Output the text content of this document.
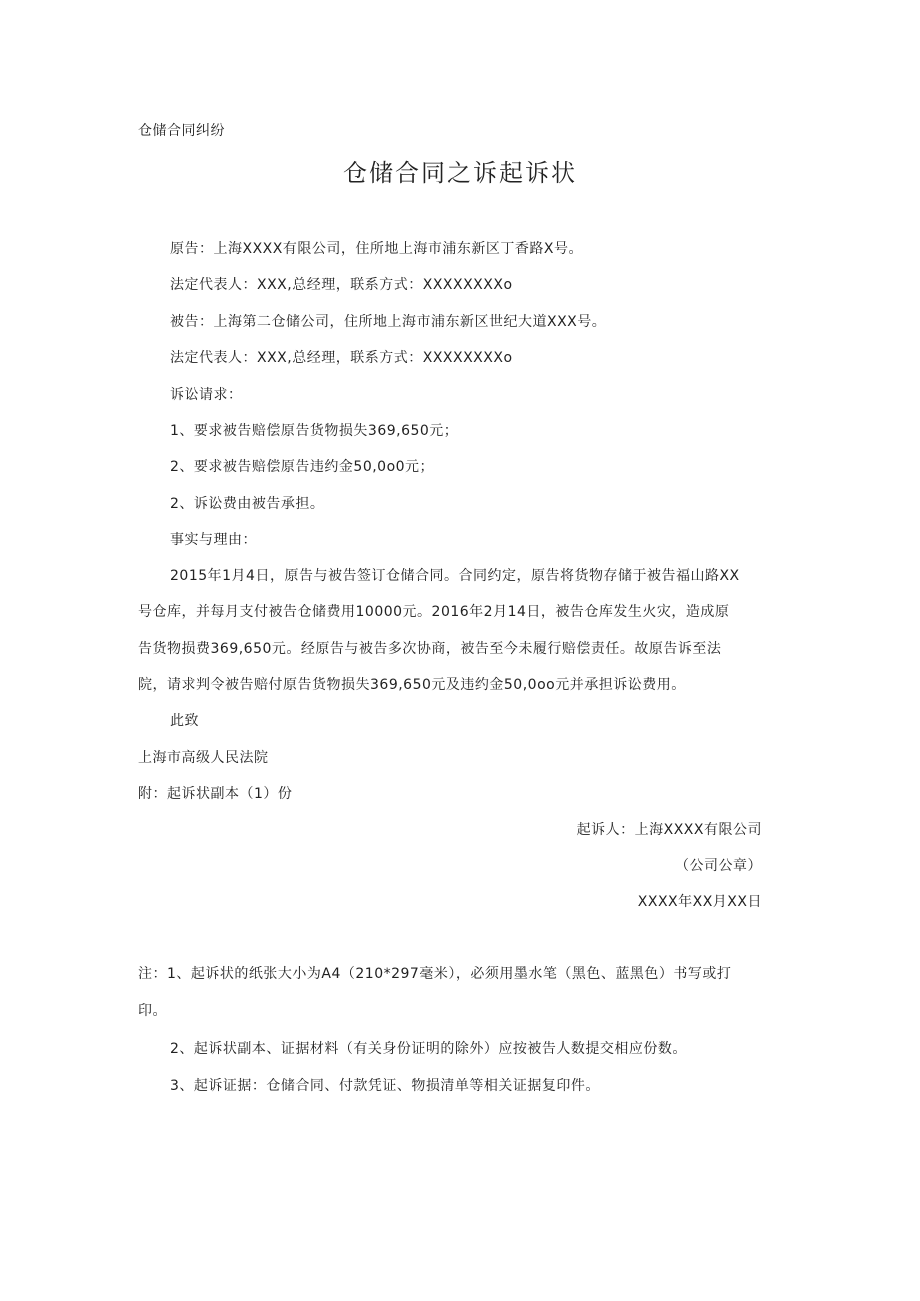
仓储合同纠纷
仓储合同之诉起诉状
原告：上海XXXX有限公司，住所地上海市浦东新区丁香路X号。
法定代表人：XXX,总经理，联系方式：XXXXXXXXo
被告：上海第二仓储公司，住所地上海市浦东新区世纪大道XXX号。
法定代表人：XXX,总经理，联系方式：XXXXXXXXo
诉讼请求：
1、要求被告赔偿原告货物损失369,650元；
2、要求被告赔偿原告违约金50,0o0元；
2、诉讼费由被告承担。
事实与理由：
2015年1月4日，原告与被告签订仓储合同。合同约定，原告将货物存储于被告福山路XX
号仓库，并每月支付被告仓储费用10000元。2016年2月14日，被告仓库发生火灾，造成原
告货物损费369,650元。经原告与被告多次协商，被告至今未履行赔偿责任。故原告诉至法
院，请求判令被告赔付原告货物损失369,650元及违约金50,0oo元并承担诉讼费用。
此致
上海市高级人民法院
附：起诉状副本（1）份
起诉人：上海XXXX有限公司
（公司公章）
XXXX年XX月XX日
注：1、起诉状的纸张大小为A4（210*297毫米），必须用墨水笔（黑色、蓝黑色）书写或打
印。
2、起诉状副本、证据材料（有关身份证明的除外）应按被告人数提交相应份数。
3、起诉证据：仓储合同、付款凭证、物损清单等相关证据复印件。
